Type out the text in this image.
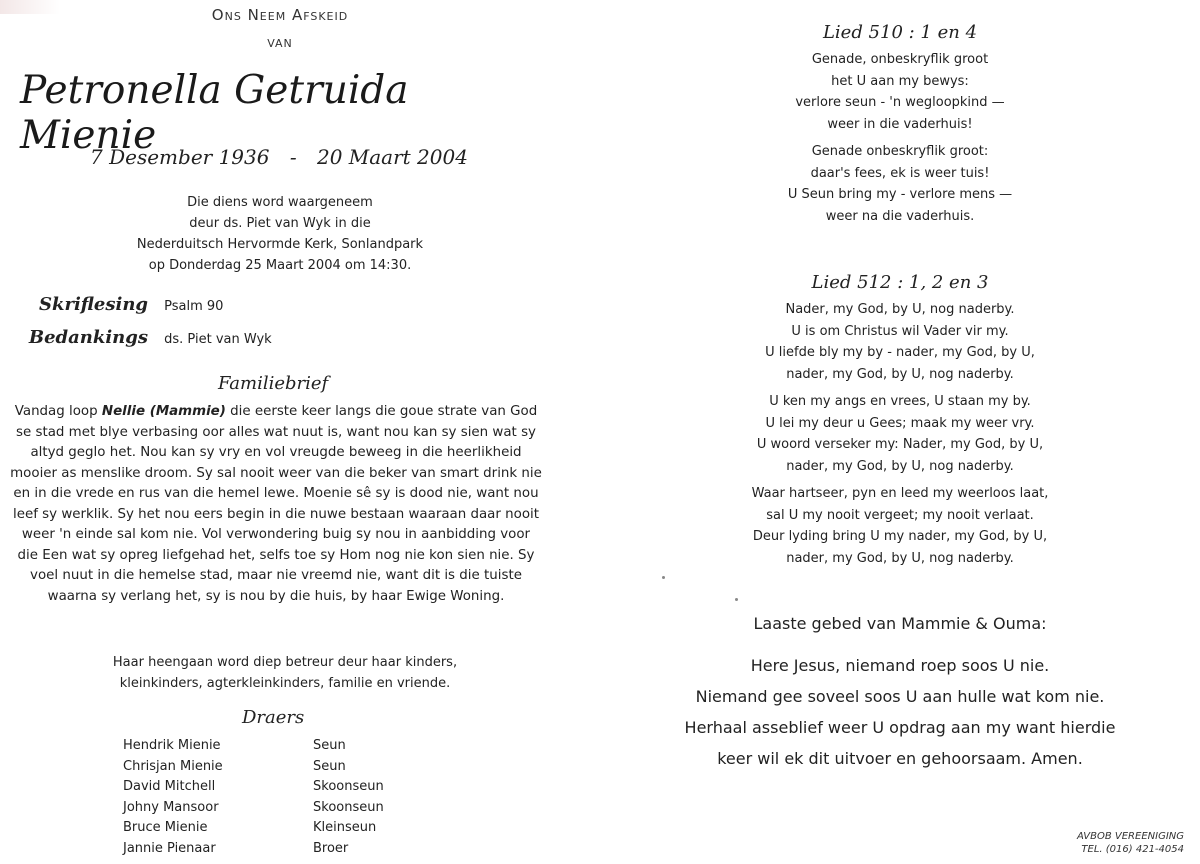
Ons Neem Afskeid
van
Petronella Getruida Mienie
7 Desember 1936 - 20 Maart 2004
Die diens word waargeneem
deur ds. Piet van Wyk in die
Nederduitsch Hervormde Kerk, Sonlandpark
op Donderdag 25 Maart 2004 om 14:30.
Skriflesing Psalm 90
Bedankings ds. Piet van Wyk
Familiebrief
Vandag loop Nellie (Mammie) die eerste keer langs die goue strate van God se stad met blye verbasing oor alles wat nuut is, want nou kan sy sien wat sy altyd geglo het. Nou kan sy vry en vol vreugde beweeg in die heerlikheid mooier as menslike droom. Sy sal nooit weer van die beker van smart drink nie en in die vrede en rus van die hemel lewe. Moenie sê sy is dood nie, want nou leef sy werklik. Sy het nou eers begin in die nuwe bestaan waaraan daar nooit weer 'n einde sal kom nie. Vol verwondering buig sy nou in aanbidding voor die Een wat sy opreg liefgehad het, selfs toe sy Hom nog nie kon sien nie. Sy voel nuut in die hemelse stad, maar nie vreemd nie, want dit is die tuiste waarna sy verlang het, sy is nou by die huis, by haar Ewige Woning.
Haar heengaan word diep betreur deur haar kinders,
kleinkinders, agterkleinkinders, familie en vriende.
Draers
Hendrik Mienie	Seun
Chrisjan Mienie	Seun
David Mitchell	Skoonseun
Johny Mansoor	Skoonseun
Bruce Mienie	Kleinseun
Jannie Pienaar	Broer
Lied 510 : 1 en 4
Genade, onbeskryflik groot
het U aan my bewys:
verlore seun - 'n wegloopkind —
weer in die vaderhuis!
Genade onbeskryflik groot:
daar's fees, ek is weer tuis!
U Seun bring my - verlore mens —
weer na die vaderhuis.
Lied 512 : 1, 2 en 3
Nader, my God, by U, nog naderby.
U is om Christus wil Vader vir my.
U liefde bly my by - nader, my God, by U,
nader, my God, by U, nog naderby.
U ken my angs en vrees, U staan my by.
U lei my deur u Gees; maak my weer vry.
U woord verseker my: Nader, my God, by U,
nader, my God, by U, nog naderby.
Waar hartseer, pyn en leed my weerloos laat,
sal U my nooit vergeet; my nooit verlaat.
Deur lyding bring U my nader, my God, by U,
nader, my God, by U, nog naderby.
Laaste gebed van Mammie & Ouma:
Here Jesus, niemand roep soos U nie.
Niemand gee soveel soos U aan hulle wat kom nie.
Herhaal asseblief weer U opdrag aan my want hierdie
keer wil ek dit uitvoer en gehoorsaam. Amen.
AVBOB VEREENIGING
TEL. (016) 421-4054
